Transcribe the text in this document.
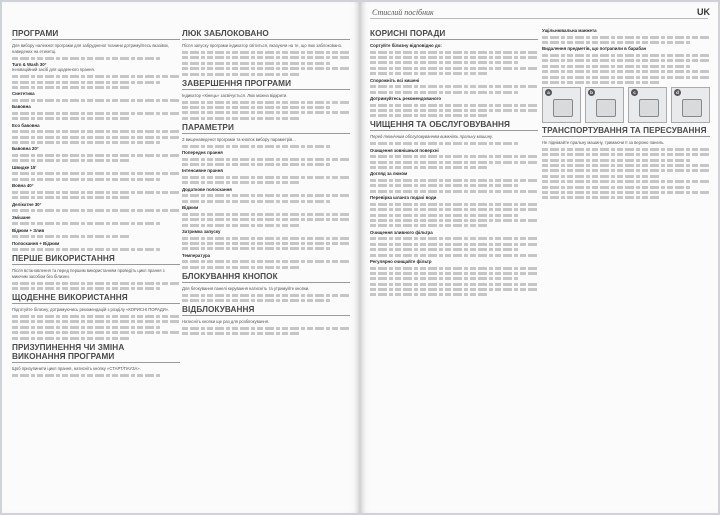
ПРОГРАМИ
Для вибору належної програми для забрудненої тканини дотримуйтесь вказівок, наведених на етикетці.
Turn & Wash 30°
Інноваційний засіб для щоденного прання.
Синтетика
Бавовна
Eco бавовна
Бавовна 20°
Швидке 15'
Вовна 40°
Делікатне 30°
Змішане
Віджим + Злив
Полоскання + Віджим
ПЕРШЕ ВИКОРИСТАННЯ
Після встановлення та перед першим використанням проведіть цикл прання з миючим засобом без білизни.
ЩОДЕННЕ ВИКОРИСТАННЯ
Підготуйте білизну, дотримуючись рекомендацій з розділу «КОРИСНІ ПОРАДИ».
ПРИЗУПИНЕННЯ ЧИ ЗМІНА ВИКОНАННЯ ПРОГРАМИ
Щоб призупинити цикл прання, натисніть кнопку «СТАРТ/ПАУЗА».
ЛЮК ЗАБЛОКОВАНО
Після запуску програми індикатор світиться, вказуючи на те, що люк заблоковано.
ЗАВЕРШЕННЯ ПРОГРАМИ
Індикатор «Кінець» засвічується. Люк можна відкрити.
ПАРАМЕТРИ
З вищенаведеної програми та кнопок вибору параметрів...
Попереднє прання
Інтенсивне прання
Додаткове полоскання
Віджим
Затримка запуску
Температура
БЛОКУВАННЯ КНОПОК
Для блокування панелі керування натисніть та утримуйте кнопки.
ВІДБЛОКУВАННЯ
Натисніть кнопки ще раз для розблокування.
Стислий посібник	UK
КОРИСНІ ПОРАДИ
Сортуйте білизну відповідно до:
Спорожніть всі кишені
Дотримуйтесь рекомендованого
ЧИЩЕННЯ ТА ОБСЛУГОВУВАННЯ
Перед технічним обслуговуванням вимкніть пральну машину.
Очищення зовнішньої поверхні
Догляд за люком
Перевірка шланга подачі води
Очищення зливного фільтра
Регулярно очищайте фільтр
Ущільнювальна манжета
Видалення предметів, що потрапили в барабан
a	b	c	d
ТРАНСПОРТУВАННЯ ТА ПЕРЕСУВАННЯ
Не піднімайте пральну машину, тримаючи її за верхню панель.
